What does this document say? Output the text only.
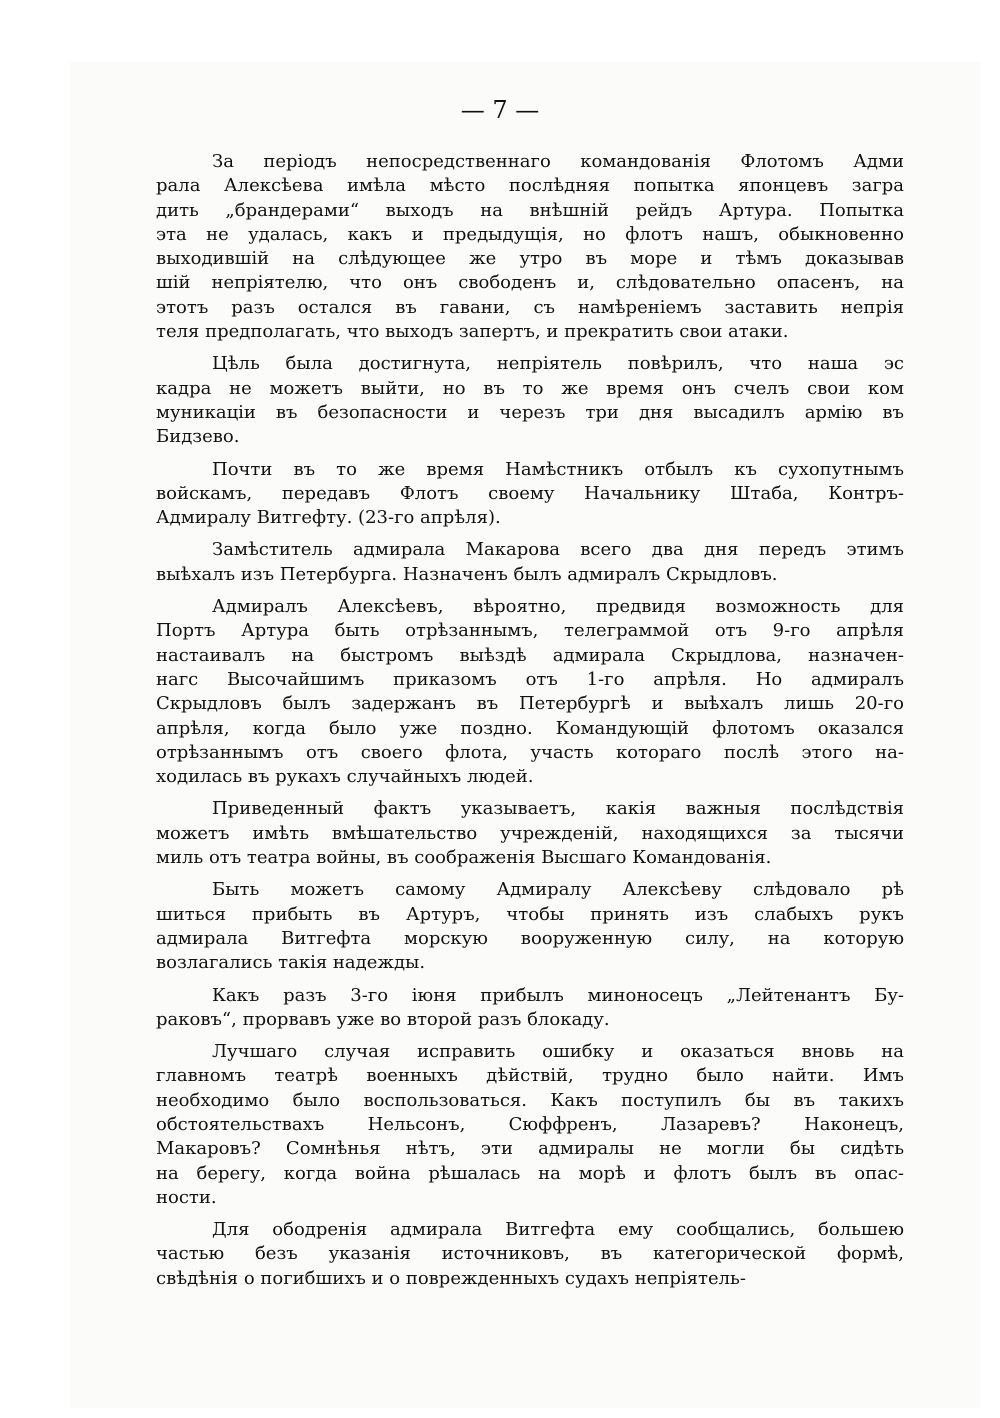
— 7 —
За періодъ непосредственнаго командованія Флотомъ Адми
рала Алексѣева имѣла мѣсто послѣдняя попытка японцевъ загра
дить „брандерами“ выходъ на внѣшній рейдъ Артура. Попытка
эта не удалась, какъ и предыдущія, но флотъ нашъ, обыкновенно
выходившій на слѣдующее же утро въ море и тѣмъ доказывав
шій непріятелю, что онъ свободенъ и, слѣдовательно опасенъ, на
этотъ разъ остался въ гавани, съ намѣреніемъ заставить непрія
теля предполагать, что выходъ запертъ, и прекратить свои атаки.
Цѣль была достигнута, непріятель повѣрилъ, что наша эс
кадра не можетъ выйти, но въ то же время онъ счелъ свои ком
муникаціи въ безопасности и черезъ три дня высадилъ армію въ
Бидзево.
Почти въ то же время Намѣстникъ отбылъ къ сухопутнымъ
войскамъ, передавъ Флотъ своему Начальнику Штаба, Контръ-
Адмиралу Витгефту. (23-го апрѣля).
Замѣститель адмирала Макарова всего два дня передъ этимъ
выѣхалъ изъ Петербурга. Назначенъ былъ адмиралъ Скрыдловъ.
Адмиралъ Алексѣевъ, вѣроятно, предвидя возможность для
Портъ Артура быть отрѣзаннымъ, телеграммой отъ 9-го апрѣля
настаивалъ на быстромъ выѣздѣ адмирала Скрыдлова, назначен-
нагс Высочайшимъ приказомъ отъ 1-го апрѣля. Но адмиралъ
Скрыдловъ былъ задержанъ въ Петербургѣ и выѣхалъ лишь 20-го
апрѣля, когда было уже поздно. Командующій флотомъ оказался
отрѣзаннымъ отъ своего флота, участь котораго послѣ этого на-
ходилась въ рукахъ случайныхъ людей.
Приведенный фактъ указываетъ, какія важныя послѣдствія
можетъ имѣть вмѣшательство учрежденій, находящихся за тысячи
миль отъ театра войны, въ соображенія Высшаго Командованія.
Быть можетъ самому Адмиралу Алексѣеву слѣдовало рѣ
шиться прибыть въ Артуръ, чтобы принять изъ слабыхъ рукъ
адмирала Витгефта морскую вооруженную силу, на которую
возлагались такія надежды.
Какъ разъ 3-го іюня прибылъ миноносецъ „Лейтенантъ Бу-
раковъ“, прорвавъ уже во второй разъ блокаду.
Лучшаго случая исправить ошибку и оказаться вновь на
главномъ театрѣ военныхъ дѣйствій, трудно было найти. Имъ
необходимо было воспользоваться. Какъ поступилъ бы въ такихъ
обстоятельствахъ Нельсонъ, Сюффренъ, Лазаревъ? Наконецъ,
Макаровъ? Сомнѣнья нѣтъ, эти адмиралы не могли бы сидѣть
на берегу, когда война рѣшалась на морѣ и флотъ былъ въ опас-
ности.
Для ободренія адмирала Витгефта ему сообщались, большею
частью безъ указанія источниковъ, въ категорической формѣ,
свѣдѣнія о погибшихъ и о поврежденныхъ судахъ непріятель-
